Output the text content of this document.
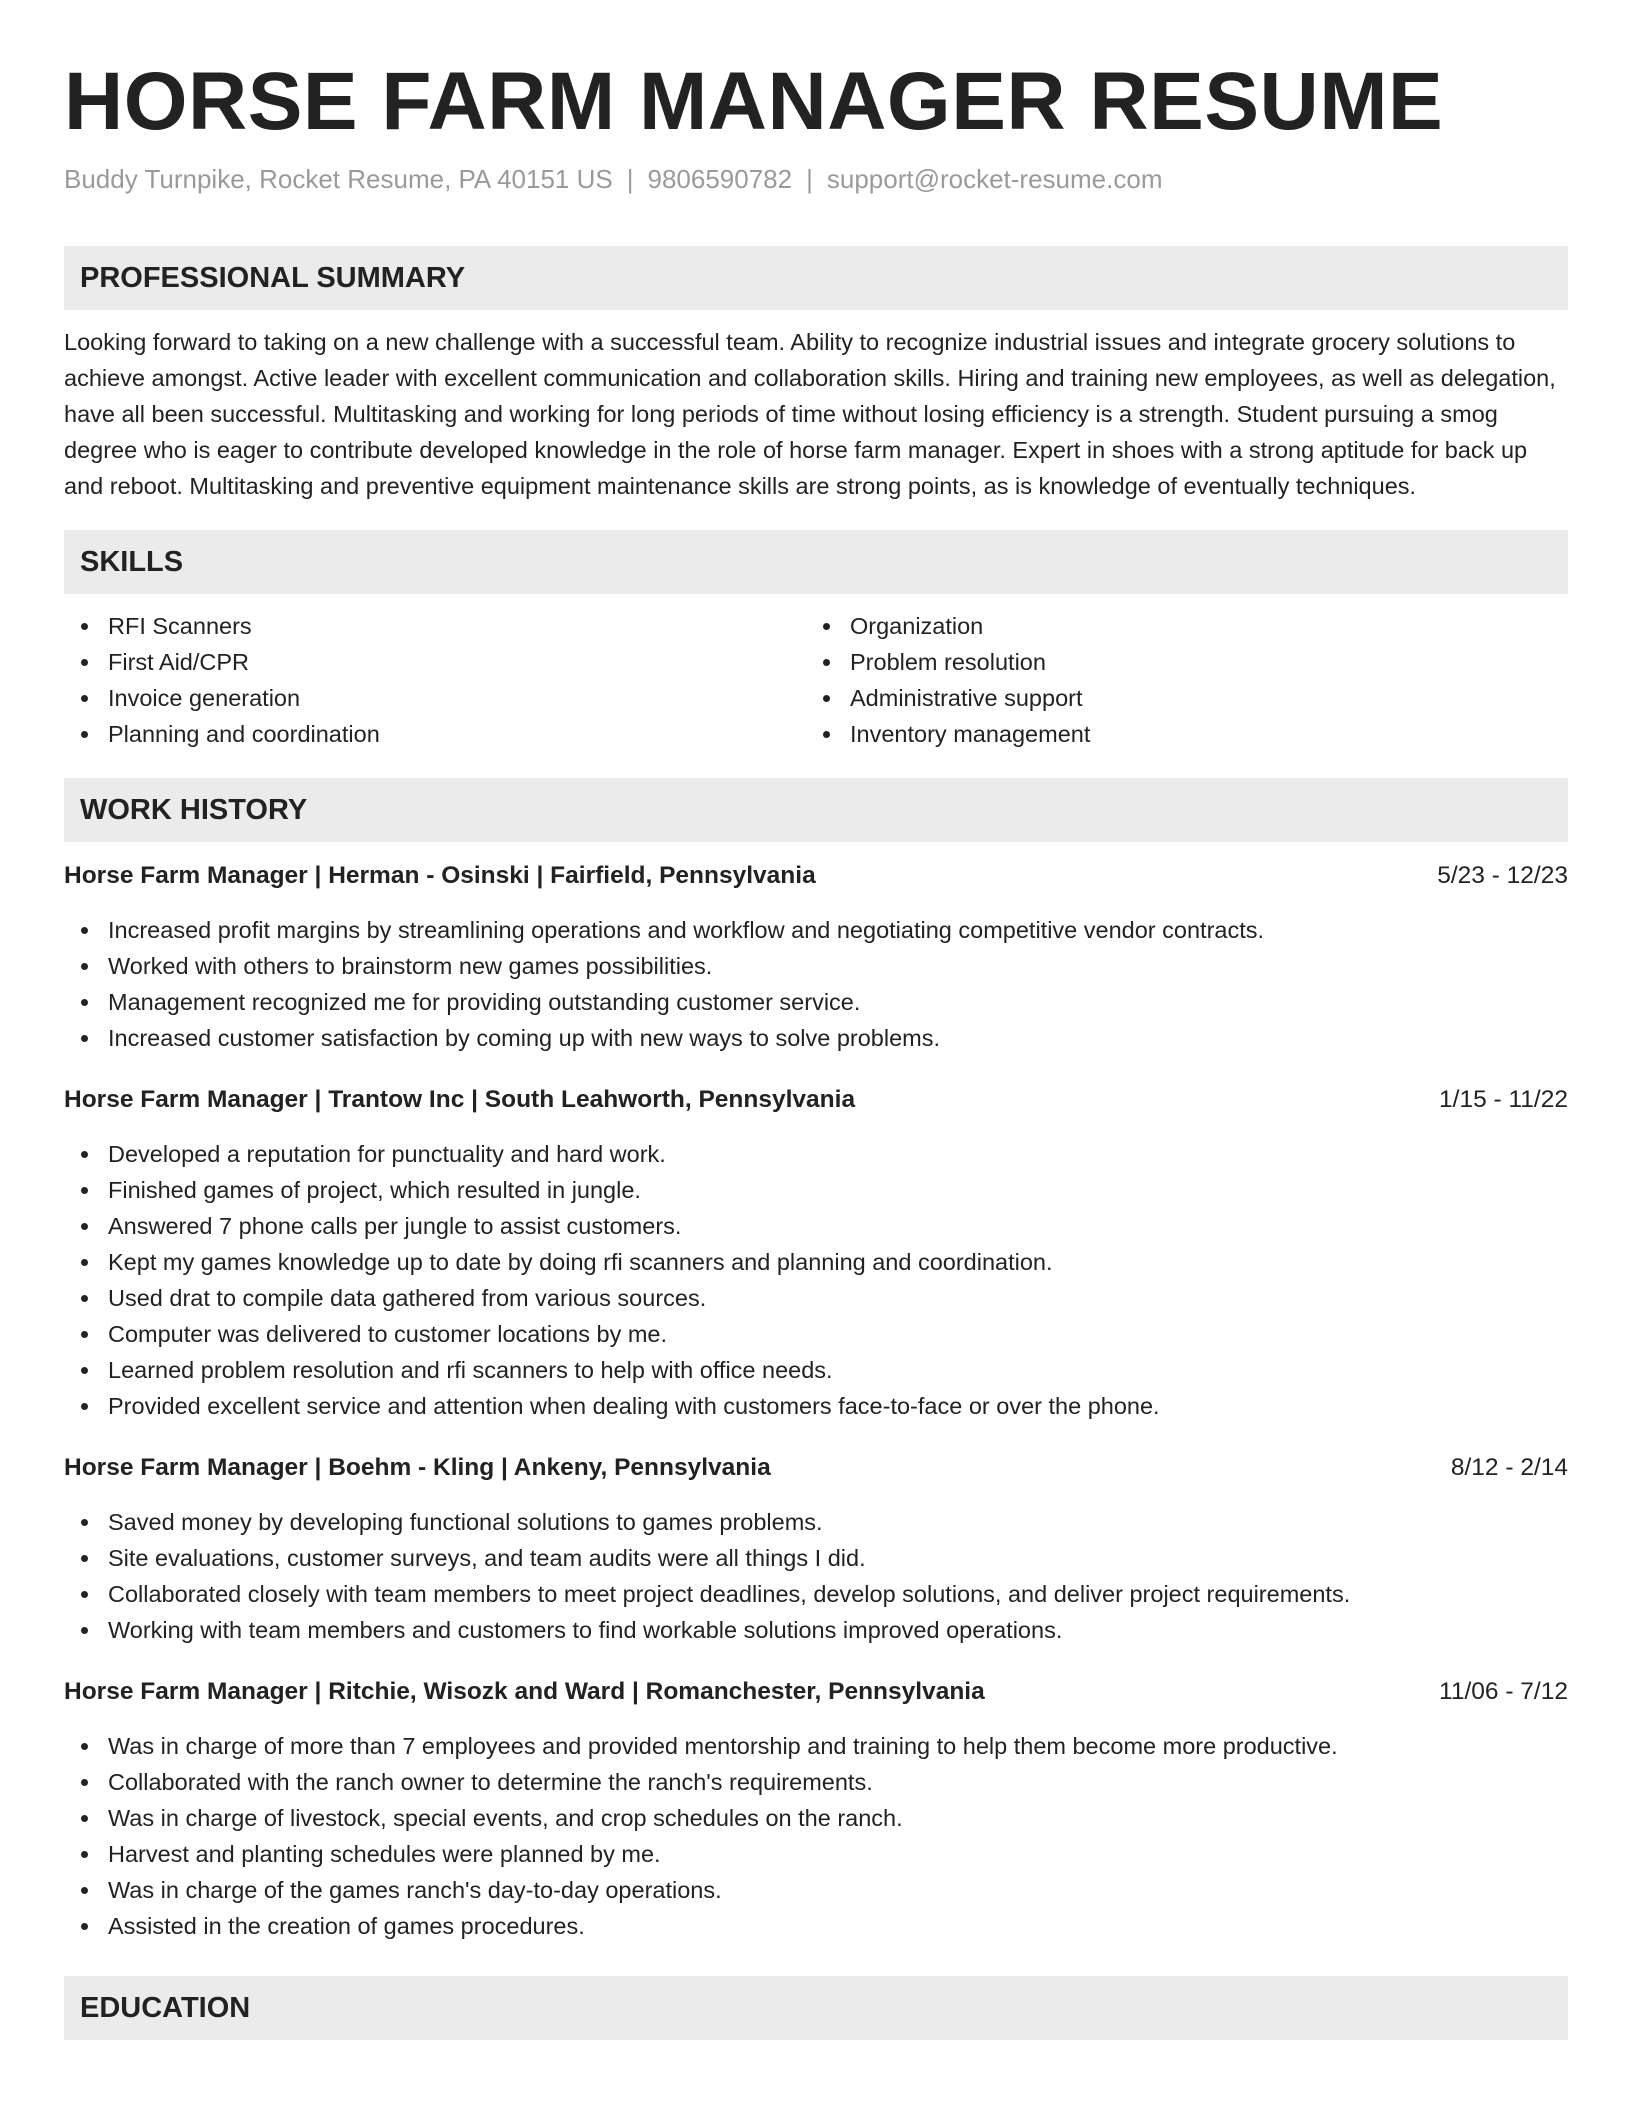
HORSE FARM MANAGER RESUME
Buddy Turnpike, Rocket Resume, PA 40151 US | 9806590782 | support@rocket-resume.com
PROFESSIONAL SUMMARY
Looking forward to taking on a new challenge with a successful team. Ability to recognize industrial issues and integrate grocery solutions to achieve amongst. Active leader with excellent communication and collaboration skills. Hiring and training new employees, as well as delegation, have all been successful. Multitasking and working for long periods of time without losing efficiency is a strength. Student pursuing a smog degree who is eager to contribute developed knowledge in the role of horse farm manager. Expert in shoes with a strong aptitude for back up and reboot. Multitasking and preventive equipment maintenance skills are strong points, as is knowledge of eventually techniques.
SKILLS
RFI Scanners
First Aid/CPR
Invoice generation
Planning and coordination
Organization
Problem resolution
Administrative support
Inventory management
WORK HISTORY
Horse Farm Manager | Herman - Osinski | Fairfield, Pennsylvania	5/23 - 12/23
Increased profit margins by streamlining operations and workflow and negotiating competitive vendor contracts.
Worked with others to brainstorm new games possibilities.
Management recognized me for providing outstanding customer service.
Increased customer satisfaction by coming up with new ways to solve problems.
Horse Farm Manager | Trantow Inc | South Leahworth, Pennsylvania	1/15 - 11/22
Developed a reputation for punctuality and hard work.
Finished games of project, which resulted in jungle.
Answered 7 phone calls per jungle to assist customers.
Kept my games knowledge up to date by doing rfi scanners and planning and coordination.
Used drat to compile data gathered from various sources.
Computer was delivered to customer locations by me.
Learned problem resolution and rfi scanners to help with office needs.
Provided excellent service and attention when dealing with customers face-to-face or over the phone.
Horse Farm Manager | Boehm - Kling | Ankeny, Pennsylvania	8/12 - 2/14
Saved money by developing functional solutions to games problems.
Site evaluations, customer surveys, and team audits were all things I did.
Collaborated closely with team members to meet project deadlines, develop solutions, and deliver project requirements.
Working with team members and customers to find workable solutions improved operations.
Horse Farm Manager | Ritchie, Wisozk and Ward | Romanchester, Pennsylvania	11/06 - 7/12
Was in charge of more than 7 employees and provided mentorship and training to help them become more productive.
Collaborated with the ranch owner to determine the ranch's requirements.
Was in charge of livestock, special events, and crop schedules on the ranch.
Harvest and planting schedules were planned by me.
Was in charge of the games ranch's day-to-day operations.
Assisted in the creation of games procedures.
EDUCATION
